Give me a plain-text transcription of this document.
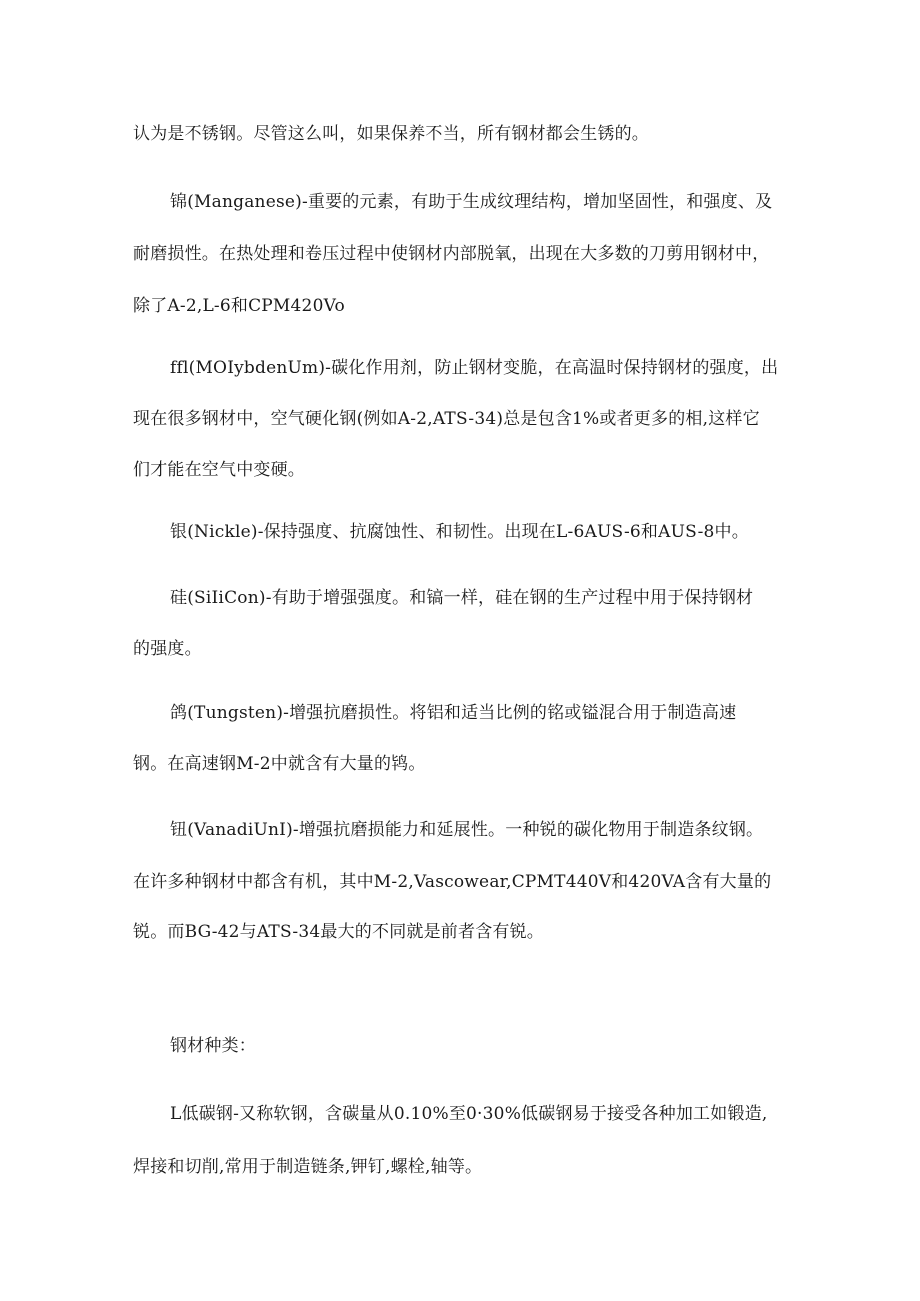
认为是不锈钢。尽管这么叫，如果保养不当，所有钢材都会生锈的。
锦(Manganese)-重要的元素，有助于生成纹理结构，增加坚固性，和强度、及
耐磨损性。在热处理和卷压过程中使钢材内部脱氧，出现在大多数的刀剪用钢材中，
除了A-2,L-6和CPM420Vo
ffl(MOIybdenUm)-碳化作用剂，防止钢材变脆，在高温时保持钢材的强度，出
现在很多钢材中，空气硬化钢(例如A-2,ATS-34)总是包含1%或者更多的相,这样它
们才能在空气中变硬。
银(Nickle)-保持强度、抗腐蚀性、和韧性。出现在L-6AUS-6和AUS-8中。
硅(SiIiCon)-有助于增强强度。和镐一样，硅在钢的生产过程中用于保持钢材
的强度。
鸽(Tungsten)-增强抗磨损性。将铝和适当比例的铭或镒混合用于制造高速
钢。在高速钢M-2中就含有大量的鸨。
钮(VanadiUnI)-增强抗磨损能力和延展性。一种锐的碳化物用于制造条纹钢。
在许多种钢材中都含有机，其中M-2,Vascowear,CPMT440V和420VA含有大量的
锐。而BG-42与ATS-34最大的不同就是前者含有锐。
钢材种类：
L低碳钢-又称软钢，含碳量从0.10%至0·30%低碳钢易于接受各种加工如锻造,
焊接和切削,常用于制造链条,钾钉,螺栓,轴等。
